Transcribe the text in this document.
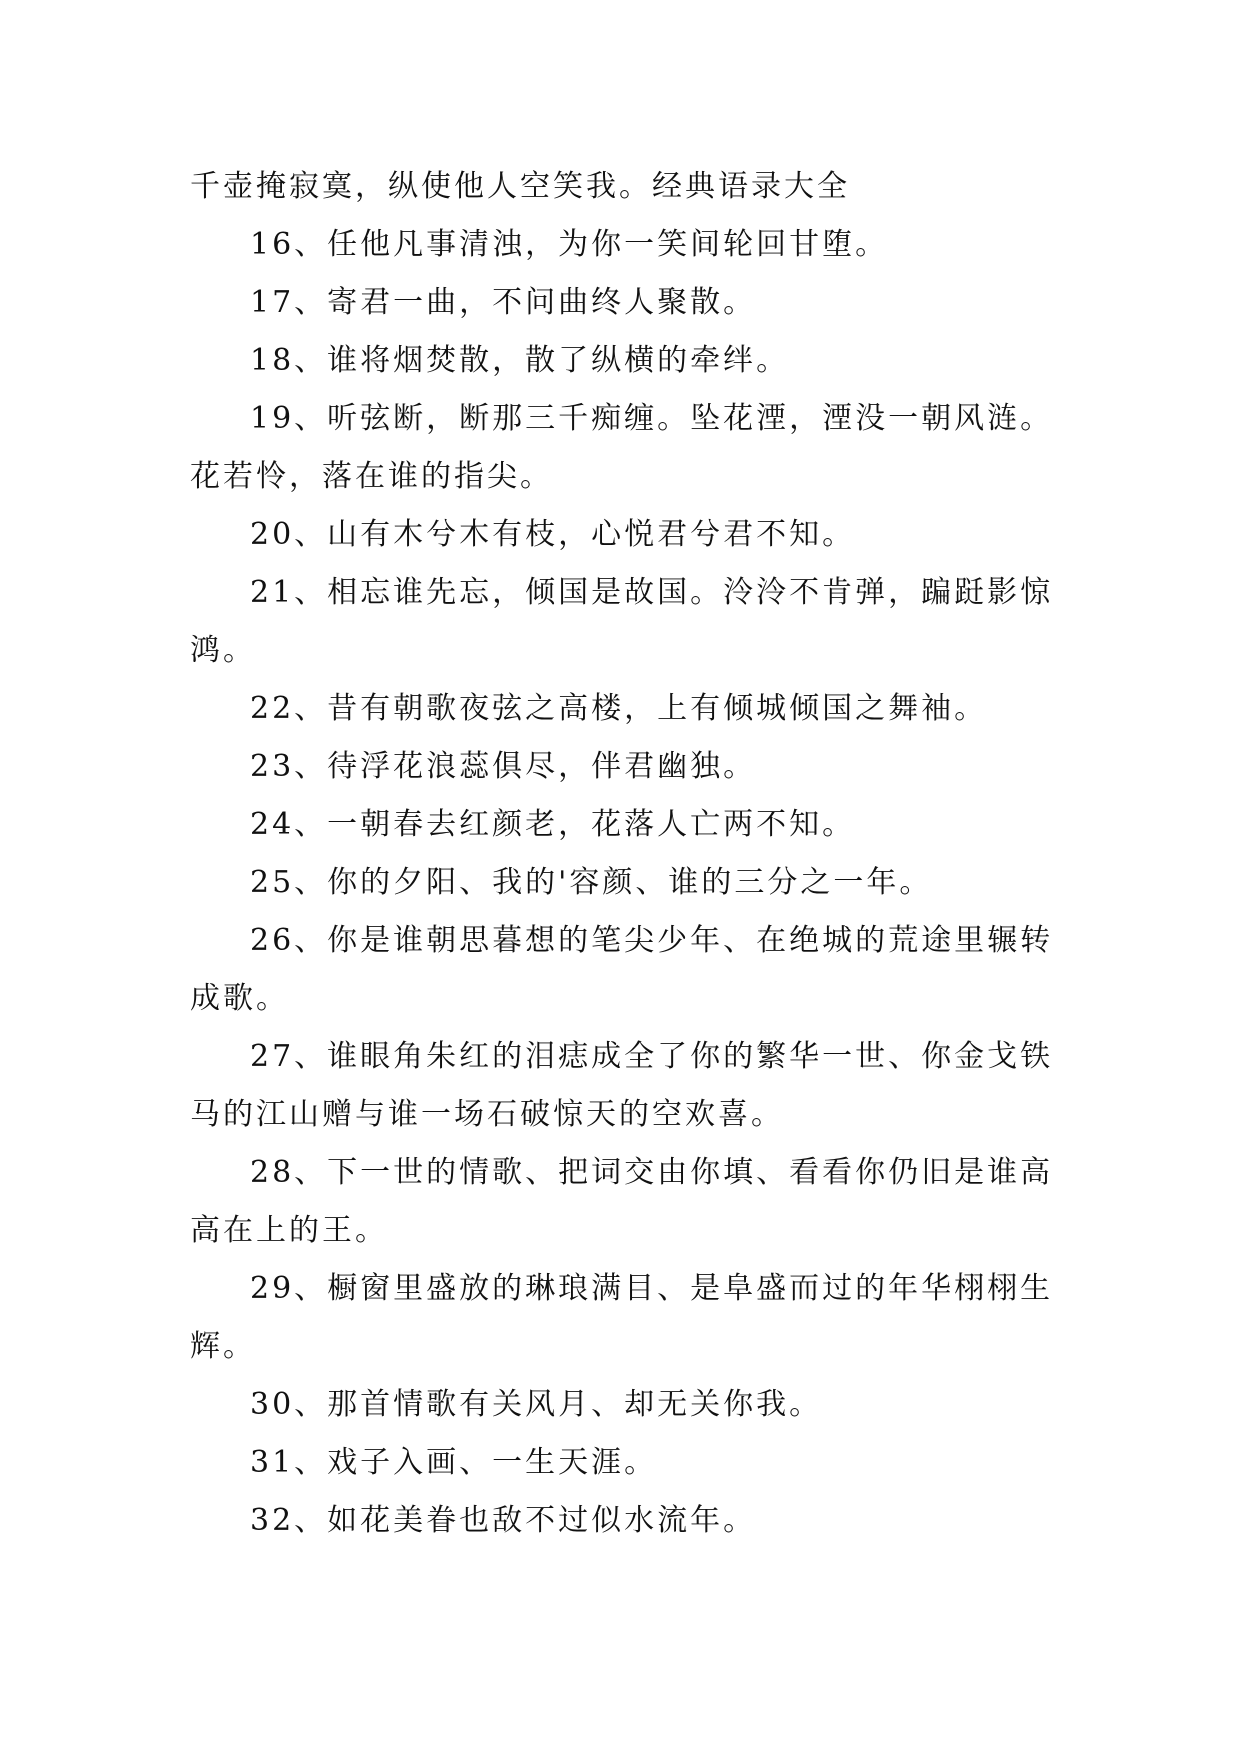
千壶掩寂寞，纵使他人空笑我。经典语录大全

16、任他凡事清浊，为你一笑间轮回甘堕。

17、寄君一曲，不问曲终人聚散。

18、谁将烟焚散，散了纵横的牵绊。

19、听弦断，断那三千痴缠。坠花湮，湮没一朝风涟。花若怜，落在谁的指尖。

20、山有木兮木有枝，心悦君兮君不知。

21、相忘谁先忘，倾国是故国。泠泠不肯弹，蹁跹影惊鸿。

22、昔有朝歌夜弦之高楼，上有倾城倾国之舞袖。

23、待浮花浪蕊俱尽，伴君幽独。

24、一朝春去红颜老，花落人亡两不知。

25、你的夕阳、我的'容颜、谁的三分之一年。

26、你是谁朝思暮想的笔尖少年、在绝城的荒途里辗转成歌。

27、谁眼角朱红的泪痣成全了你的繁华一世、你金戈铁马的江山赠与谁一场石破惊天的空欢喜。

28、下一世的情歌、把词交由你填、看看你仍旧是谁高高在上的王。

29、橱窗里盛放的琳琅满目、是阜盛而过的年华栩栩生辉。

30、那首情歌有关风月、却无关你我。

31、戏子入画、一生天涯。

32、如花美眷也敌不过似水流年。
